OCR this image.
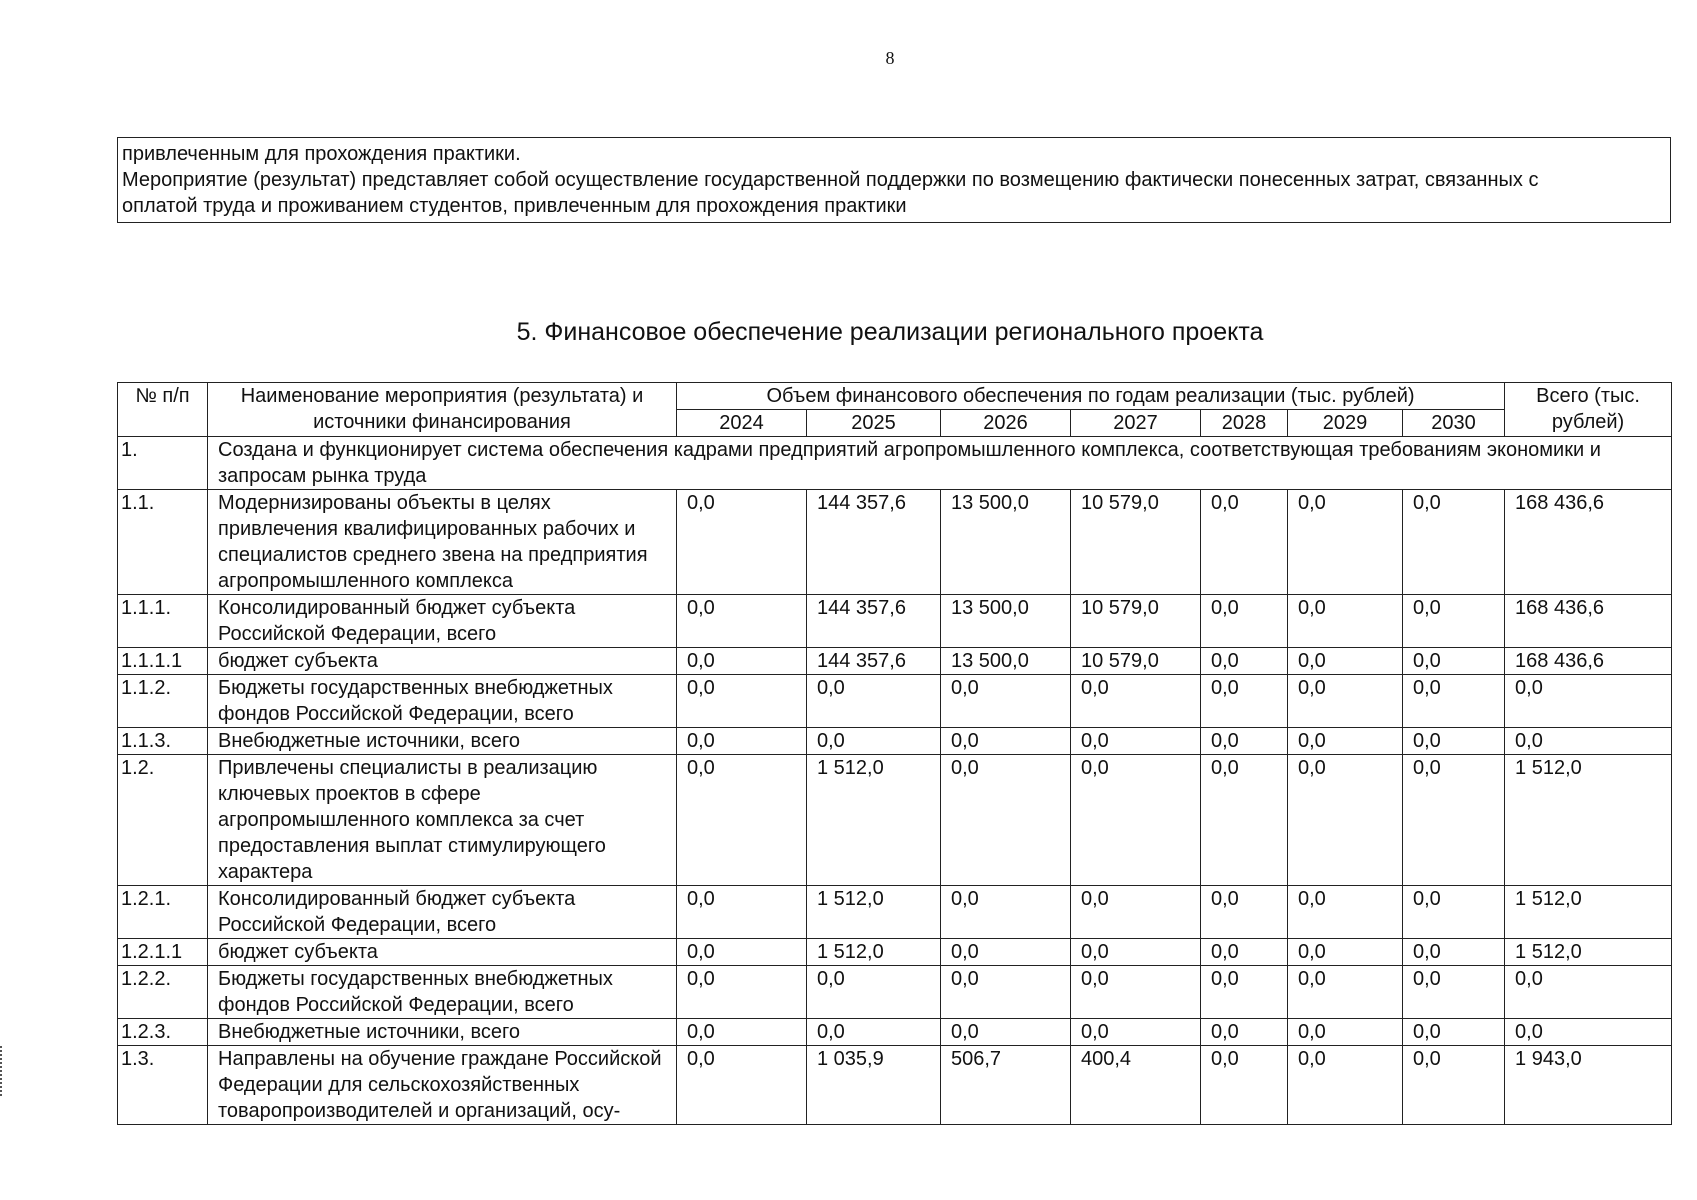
8
привлеченным для прохождения практики.
Мероприятие (результат) представляет собой осуществление государственной поддержки по возмещению фактически понесенных затрат, связанных с
оплатой труда и проживанием студентов, привлеченным для прохождения практики
5. Финансовое обеспечение реализации регионального проекта
№ п/п	Наименование мероприятия (результата) и источники финансирования	Объем финансового обеспечения по годам реализации (тыс. рублей)							Всего (тыс. рублей)
		2024	2025	2026	2027	2028	2029	2030	
1.	Создана и функционирует система обеспечения кадрами предприятий агропромышленного комплекса, соответствующая требованиям экономики и запросам рынка труда								
1.1.	Модернизированы объекты в целях привлечения квалифицированных рабочих и специалистов среднего звена на предприятия агропромышленного комплекса	0,0	144 357,6	13 500,0	10 579,0	0,0	0,0	0,0	168 436,6
1.1.1.	Консолидированный бюджет субъекта Российской Федерации, всего	0,0	144 357,6	13 500,0	10 579,0	0,0	0,0	0,0	168 436,6
1.1.1.1	бюджет субъекта	0,0	144 357,6	13 500,0	10 579,0	0,0	0,0	0,0	168 436,6
1.1.2.	Бюджеты государственных внебюджетных фондов Российской Федерации, всего	0,0	0,0	0,0	0,0	0,0	0,0	0,0	0,0
1.1.3.	Внебюджетные источники, всего	0,0	0,0	0,0	0,0	0,0	0,0	0,0	0,0
1.2.	Привлечены специалисты в реализацию ключевых проектов в сфере агропромышленного комплекса за счет предоставления выплат стимулирующего характера	0,0	1 512,0	0,0	0,0	0,0	0,0	0,0	1 512,0
1.2.1.	Консолидированный бюджет субъекта Российской Федерации, всего	0,0	1 512,0	0,0	0,0	0,0	0,0	0,0	1 512,0
1.2.1.1	бюджет субъекта	0,0	1 512,0	0,0	0,0	0,0	0,0	0,0	1 512,0
1.2.2.	Бюджеты государственных внебюджетных фондов Российской Федерации, всего	0,0	0,0	0,0	0,0	0,0	0,0	0,0	0,0
1.2.3.	Внебюджетные источники, всего	0,0	0,0	0,0	0,0	0,0	0,0	0,0	0,0
1.3.	Направлены на обучение граждане Российской Федерации для сельскохозяйственных товаропроизводителей и организаций, осу-	0,0	1 035,9	506,7	400,4	0,0	0,0	0,0	1 943,0
